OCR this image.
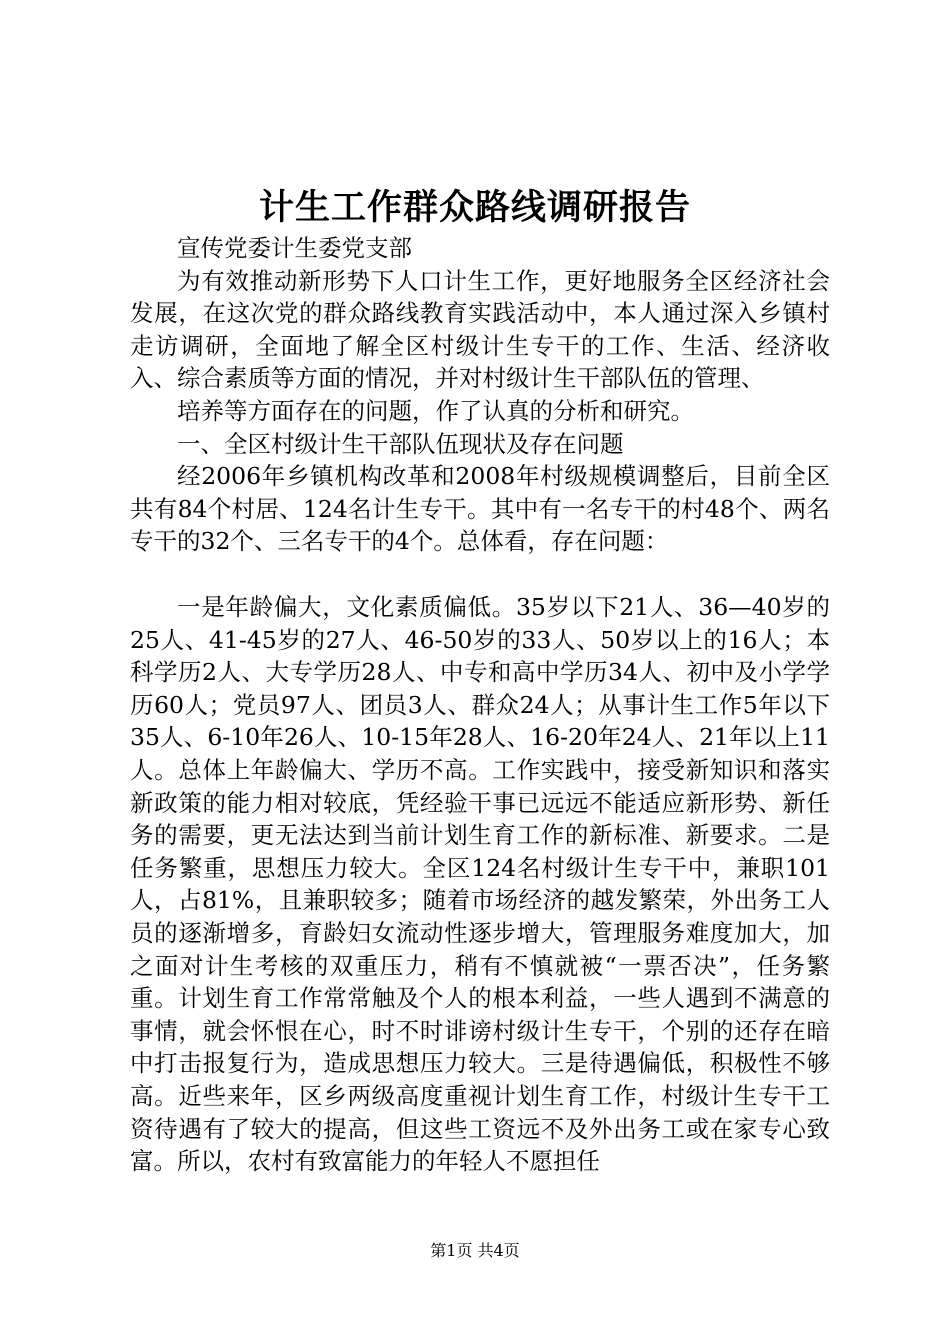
计生工作群众路线调研报告

宣传党委计生委党支部

为有效推动新形势下人口计生工作，更好地服务全区经济社会发展，在这次党的群众路线教育实践活动中，本人通过深入乡镇村走访调研，全面地了解全区村级计生专干的工作、生活、经济收入、综合素质等方面的情况，并对村级计生干部队伍的管理、

培养等方面存在的问题，作了认真的分析和研究。

一、全区村级计生干部队伍现状及存在问题

经2006年乡镇机构改革和2008年村级规模调整后，目前全区共有84个村居、124名计生专干。其中有一名专干的村48个、两名专干的32个、三名专干的4个。总体看，存在问题：

一是年龄偏大，文化素质偏低。35岁以下21人、36—40岁的25人、41-45岁的27人、46-50岁的33人、50岁以上的16人；本科学历2人、大专学历28人、中专和高中学历34人、初中及小学学历60人；党员97人、团员3人、群众24人；从事计生工作5年以下35人、6-10年26人、10-15年28人、16-20年24人、21年以上11人。总体上年龄偏大、学历不高。工作实践中，接受新知识和落实新政策的能力相对较底，凭经验干事已远远不能适应新形势、新任务的需要，更无法达到当前计划生育工作的新标准、新要求。二是任务繁重，思想压力较大。全区124名村级计生专干中，兼职101人，占81%，且兼职较多；随着市场经济的越发繁荣，外出务工人员的逐渐增多，育龄妇女流动性逐步增大，管理服务难度加大，加之面对计生考核的双重压力，稍有不慎就被“一票否决”，任务繁重。计划生育工作常常触及个人的根本利益，一些人遇到不满意的事情，就会怀恨在心，时不时诽谤村级计生专干，个别的还存在暗中打击报复行为，造成思想压力较大。三是待遇偏低，积极性不够高。近些来年，区乡两级高度重视计划生育工作，村级计生专干工资待遇有了较大的提高，但这些工资远不及外出务工或在家专心致富。所以，农村有致富能力的年轻人不愿担任

第1页 共4页
